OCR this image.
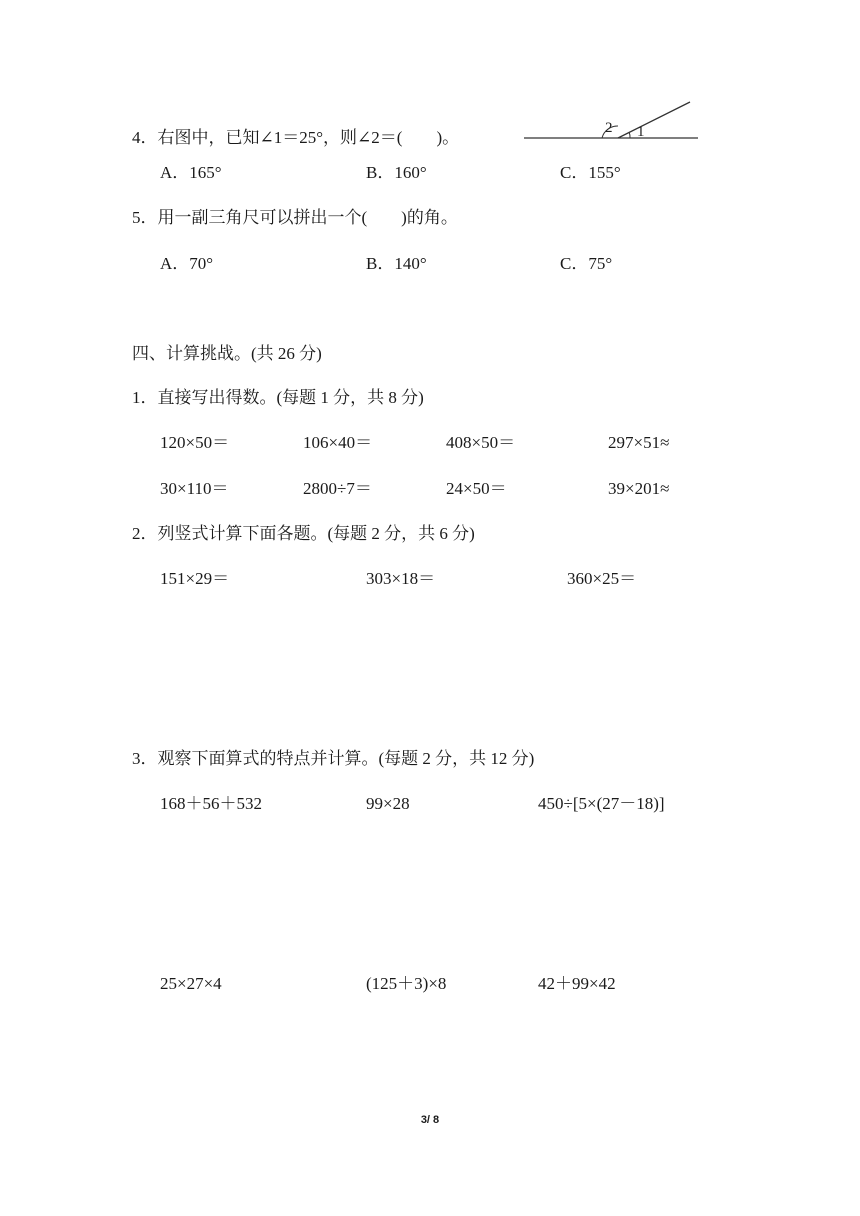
4．右图中，已知∠1＝25°，则∠2＝(　　)。	2 1
A．165°	B．160°	C．155°
5．用一副三角尺可以拼出一个(　　)的角。
A．70°	B．140°	C．75°
四、计算挑战。(共 26 分)
1．直接写出得数。(每题 1 分，共 8 分)
120×50＝	106×40＝	408×50＝	297×51≈
30×110＝	2800÷7＝	24×50＝	39×201≈
2．列竖式计算下面各题。(每题 2 分，共 6 分)
151×29＝	303×18＝	360×25＝
3．观察下面算式的特点并计算。(每题 2 分，共 12 分)
168＋56＋532	99×28	450÷[5×(27－18)]
25×27×4	(125＋3)×8	42＋99×42
3/ 8
